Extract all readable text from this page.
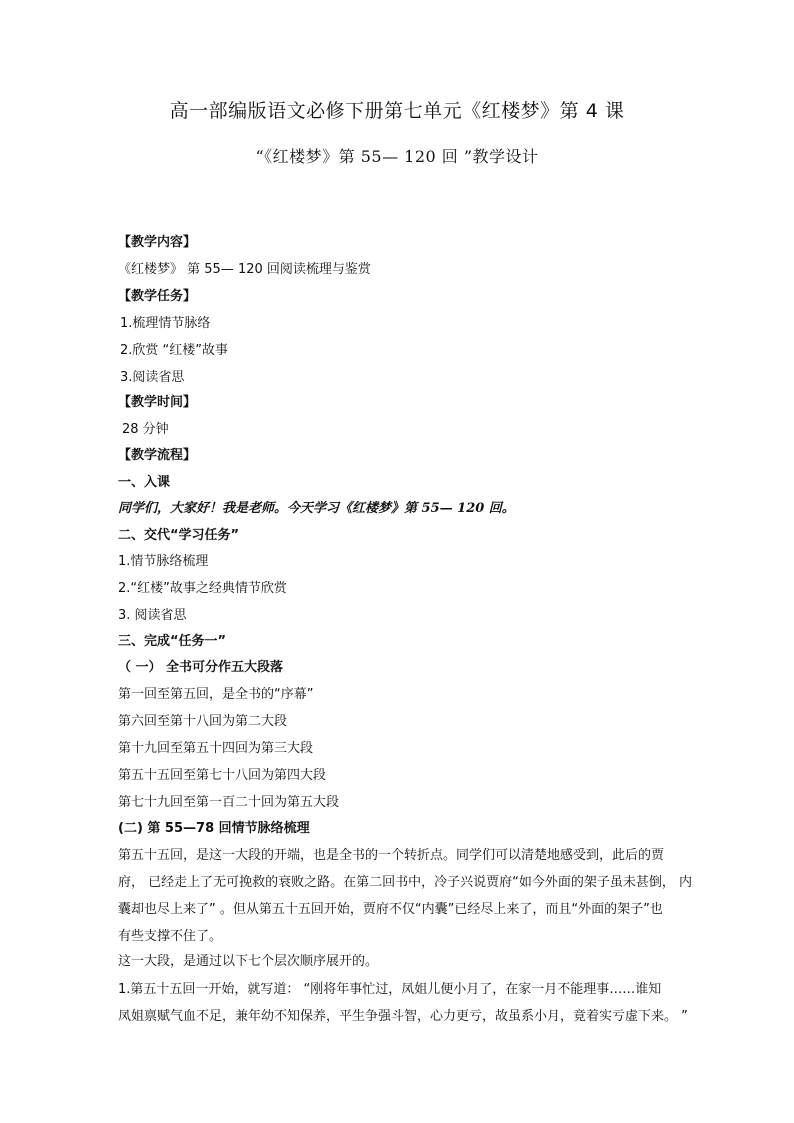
高一部编版语文必修下册第七单元《红楼梦》第 4 课
“《红楼梦》第 55— 120 回 ”教学设计
【教学内容】
《红楼梦》 第 55— 120 回阅读梳理与鉴赏
【教学任务】
1.梳理情节脉络
2.欣赏 “红楼”故事
3.阅读省思
【教学时间】
28 分钟
【教学流程】
一、入课
同学们，大家好！我是老师。今天学习《红楼梦》第 55— 120 回。
二、交代“学习任务”
1.情节脉络梳理
2.“红楼”故事之经典情节欣赏
3. 阅读省思
三、完成“任务一”
（ 一） 全书可分作五大段落
第一回至第五回，是全书的“序幕”
第六回至第十八回为第二大段
第十九回至第五十四回为第三大段
第五十五回至第七十八回为第四大段
第七十九回至第一百二十回为第五大段
(二) 第 55—78 回情节脉络梳理
第五十五回，是这一大段的开端，也是全书的一个转折点。同学们可以清楚地感受到，此后的贾
府， 已经走上了无可挽救的衰败之路。在第二回书中，冷子兴说贾府“如今外面的架子虽未甚倒， 内
囊却也尽上来了” 。但从第五十五回开始，贾府不仅“内囊”已经尽上来了，而且“外面的架子”也
有些支撑不住了。
这一大段，是通过以下七个层次顺序展开的。
1.第五十五回一开始，就写道： “刚将年事忙过，凤姐儿便小月了，在家一月不能理事……谁知
凤姐禀赋气血不足，兼年幼不知保养，平生争强斗智，心力更亏，故虽系小月，竟着实亏虚下来。 ”
